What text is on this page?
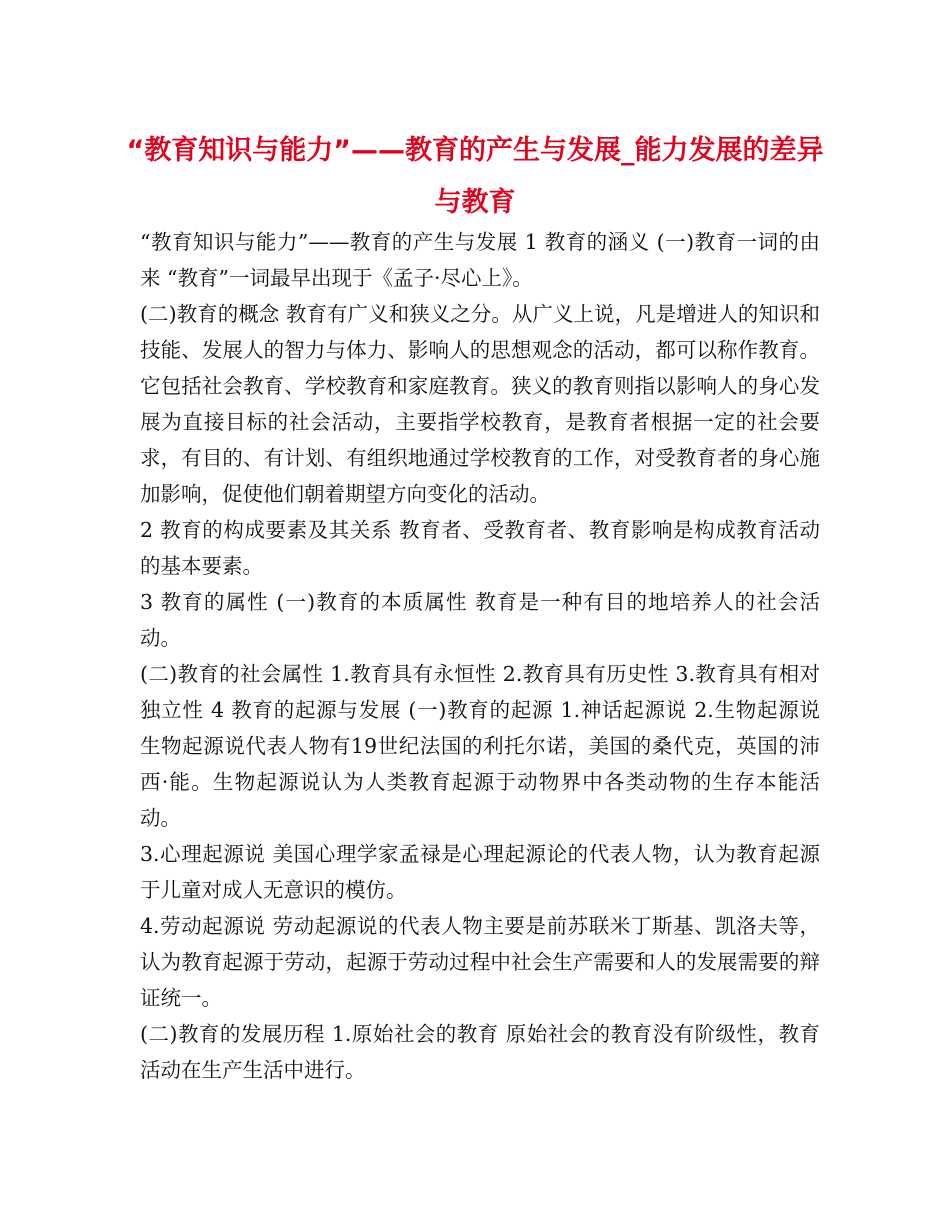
“教育知识与能力”——教育的产生与发展_能力发展的差异与教育

“教育知识与能力”——教育的产生与发展 1 教育的涵义 (一)教育一词的由来 “教育”一词最早出现于《孟子·尽心上》。

(二)教育的概念 教育有广义和狭义之分。从广义上说，凡是增进人的知识和技能、发展人的智力与体力、影响人的思想观念的活动，都可以称作教育。它包括社会教育、学校教育和家庭教育。狭义的教育则指以影响人的身心发展为直接目标的社会活动，主要指学校教育，是教育者根据一定的社会要求，有目的、有计划、有组织地通过学校教育的工作，对受教育者的身心施加影响，促使他们朝着期望方向变化的活动。

2 教育的构成要素及其关系 教育者、受教育者、教育影响是构成教育活动的基本要素。

3 教育的属性 (一)教育的本质属性 教育是一种有目的地培养人的社会活动。

(二)教育的社会属性 1.教育具有永恒性 2.教育具有历史性 3.教育具有相对独立性 4 教育的起源与发展 (一)教育的起源 1.神话起源说 2.生物起源说 生物起源说代表人物有19世纪法国的利托尔诺，美国的桑代克，英国的沛西·能。生物起源说认为人类教育起源于动物界中各类动物的生存本能活动。

3.心理起源说 美国心理学家孟禄是心理起源论的代表人物，认为教育起源于儿童对成人无意识的模仿。

4.劳动起源说 劳动起源说的代表人物主要是前苏联米丁斯基、凯洛夫等，认为教育起源于劳动，起源于劳动过程中社会生产需要和人的发展需要的辩证统一。

(二)教育的发展历程 1.原始社会的教育 原始社会的教育没有阶级性，教育活动在生产生活中进行。
